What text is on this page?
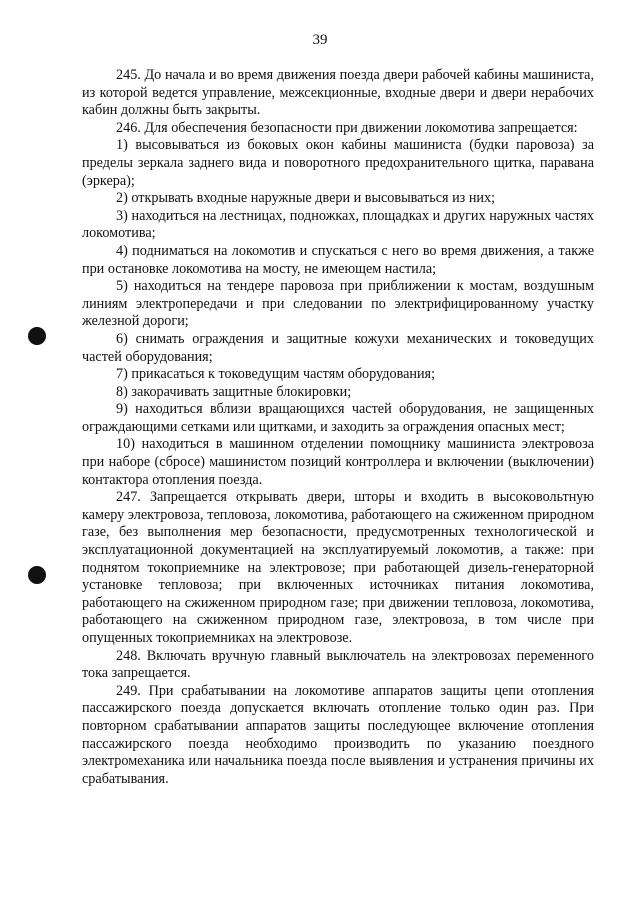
39

245. До начала и во время движения поезда двери рабочей кабины машиниста, из которой ведется управление, межсекционные, входные двери и двери нерабочих кабин должны быть закрыты.

246. Для обеспечения безопасности при движении локомотива запрещается:

1) высовываться из боковых окон кабины машиниста (будки паровоза) за пределы зеркала заднего вида и поворотного предохранительного щитка, паравана (эркера);

2) открывать входные наружные двери и высовываться из них;

3) находиться на лестницах, подножках, площадках и других наружных частях локомотива;

4) подниматься на локомотив и спускаться с него во время движения, а также при остановке локомотива на мосту, не имеющем настила;

5) находиться на тендере паровоза при приближении к мостам, воздушным линиям электропередачи и при следовании по электрифицированному участку железной дороги;

6) снимать ограждения и защитные кожухи механических и токоведущих частей оборудования;

7) прикасаться к токоведущим частям оборудования;

8) закорачивать защитные блокировки;

9) находиться вблизи вращающихся частей оборудования, не защищенных ограждающими сетками или щитками, и заходить за ограждения опасных мест;

10) находиться в машинном отделении помощнику машиниста электровоза при наборе (сбросе) машинистом позиций контроллера и включении (выключении) контактора отопления поезда.

247. Запрещается открывать двери, шторы и входить в высоковольтную камеру электровоза, тепловоза, локомотива, работающего на сжиженном природном газе, без выполнения мер безопасности, предусмотренных технологической и эксплуатационной документацией на эксплуатируемый локомотив, а также: при поднятом токоприемнике на электровозе; при работающей дизель-генераторной установке тепловоза; при включенных источниках питания локомотива, работающего на сжиженном природном газе; при движении тепловоза, локомотива, работающего на сжиженном природном газе, электровоза, в том числе при опущенных токоприемниках на электровозе.

248. Включать вручную главный выключатель на электровозах переменного тока запрещается.

249. При срабатывании на локомотиве аппаратов защиты цепи отопления пассажирского поезда допускается включать отопление только один раз. При повторном срабатывании аппаратов защиты последующее включение отопления пассажирского поезда необходимо производить по указанию поездного электромеханика или начальника поезда после выявления и устранения причины их срабатывания.
